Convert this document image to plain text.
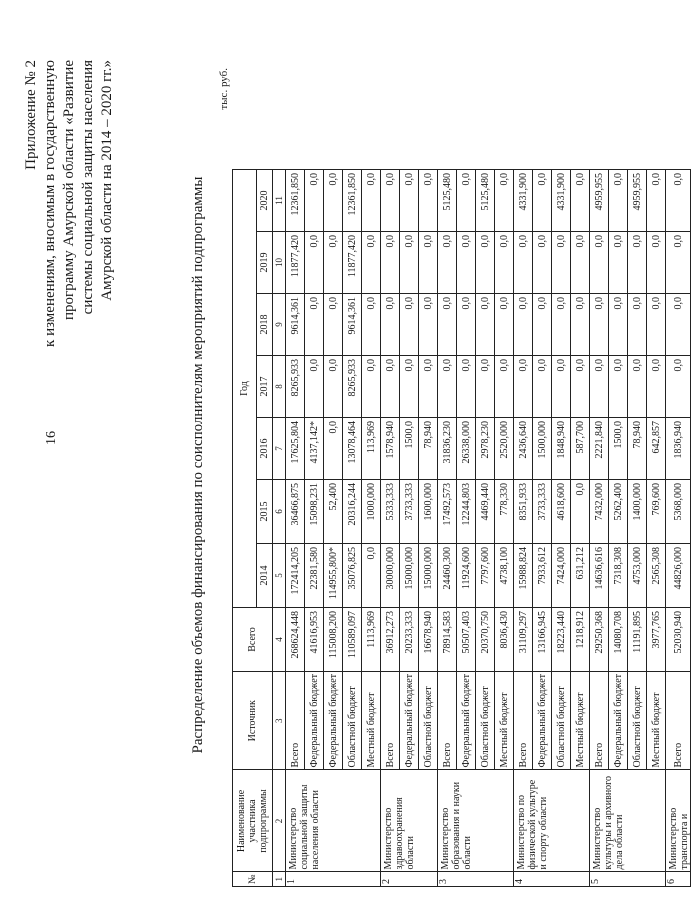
16
Приложение № 2 к изменениям, вносимым в государственную программу Амурской области «Развитие системы социальной защиты населения Амурской области на 2014 – 2020 гг.»	Распределение объемов финансирования по соисполнителям мероприятий подпрограммы
тыс. руб.
№	Наименование участника подпрограммы	Источник	Всего	Год						
				2014	2015	2016	2017	2018	2019	2020
1	2	3	4	5	6	7	8	9	10	11
1	Министерство социальной защиты населения области	Всего	268624,448	172414,205	36466,875	17625,804	8265,933	9614,361	11877,420	12361,850
		Федеральный бюджет	41616,953	22381,580	15098,231	4137,142*	0,0	0,0	0,0	0,0
		Федеральный бюджет	115008,200	114955,800*	52,400	0,0	0,0	0,0	0,0	0,0
		Областной бюджет	110589,097	35076,825	20316,244	13078,464	8265,933	9614,361	11877,420	12361,850
		Местный бюджет	1113,969	0,0	1000,000	113,969	0,0	0,0	0,0	0,0
2	Министерство здравоохранения области	Всего	36912,273	30000,000	5333,333	1578,940	0,0	0,0	0,0	0,0
		Федеральный бюджет	20233,333	15000,000	3733,333	1500,0	0,0	0,0	0,0	0,0
		Областной бюджет	16678,940	15000,000	1600,000	78,940	0,0	0,0	0,0	0,0
3	Министерство образования и науки области	Всего	78914,583	24460,300	17492,573	31836,230	0,0	0,0	0,0	5125,480
		Федеральный бюджет	50507,403	11924,600	12244,803	26338,000	0,0	0,0	0,0	0,0
		Областной бюджет	20370,750	7797,600	4469,440	2978,230	0,0	0,0	0,0	5125,480
		Местный бюджет	8036,430	4738,100	778,330	2520,000	0,0	0,0	0,0	0,0
4	Министерство по физической культуре и спорту области	Всего	31109,297	15988,824	8351,933	2436,640	0,0	0,0	0,0	4331,900
		Федеральный бюджет	13166,945	7933,612	3733,333	1500,000	0,0	0,0	0,0	0,0
		Областной бюджет	18223,440	7424,000	4618,600	1848,940	0,0	0,0	0,0	4331,900
		Местный бюджет	1218,912	631,212	0,0	587,700	0,0	0,0	0,0	0,0
5	Министерство культуры и архивного дела области	Всего	29250,368	14636,616	7432,000	2221,840	0,0	0,0	0,0	4959,955
		Федеральный бюджет	14080,708	7318,308	5262,400	1500,0	0,0	0,0	0,0	0,0
		Областной бюджет	11191,895	4753,000	1400,000	78,940	0,0	0,0	0,0	4959,955
		Местный бюджет	3977,765	2565,308	769,600	642,857	0,0	0,0	0,0	0,0
6	Министерство транспорта и	Всего	52030,940	44826,000	5368,000	1836,940	0,0	0,0	0,0	0,0
